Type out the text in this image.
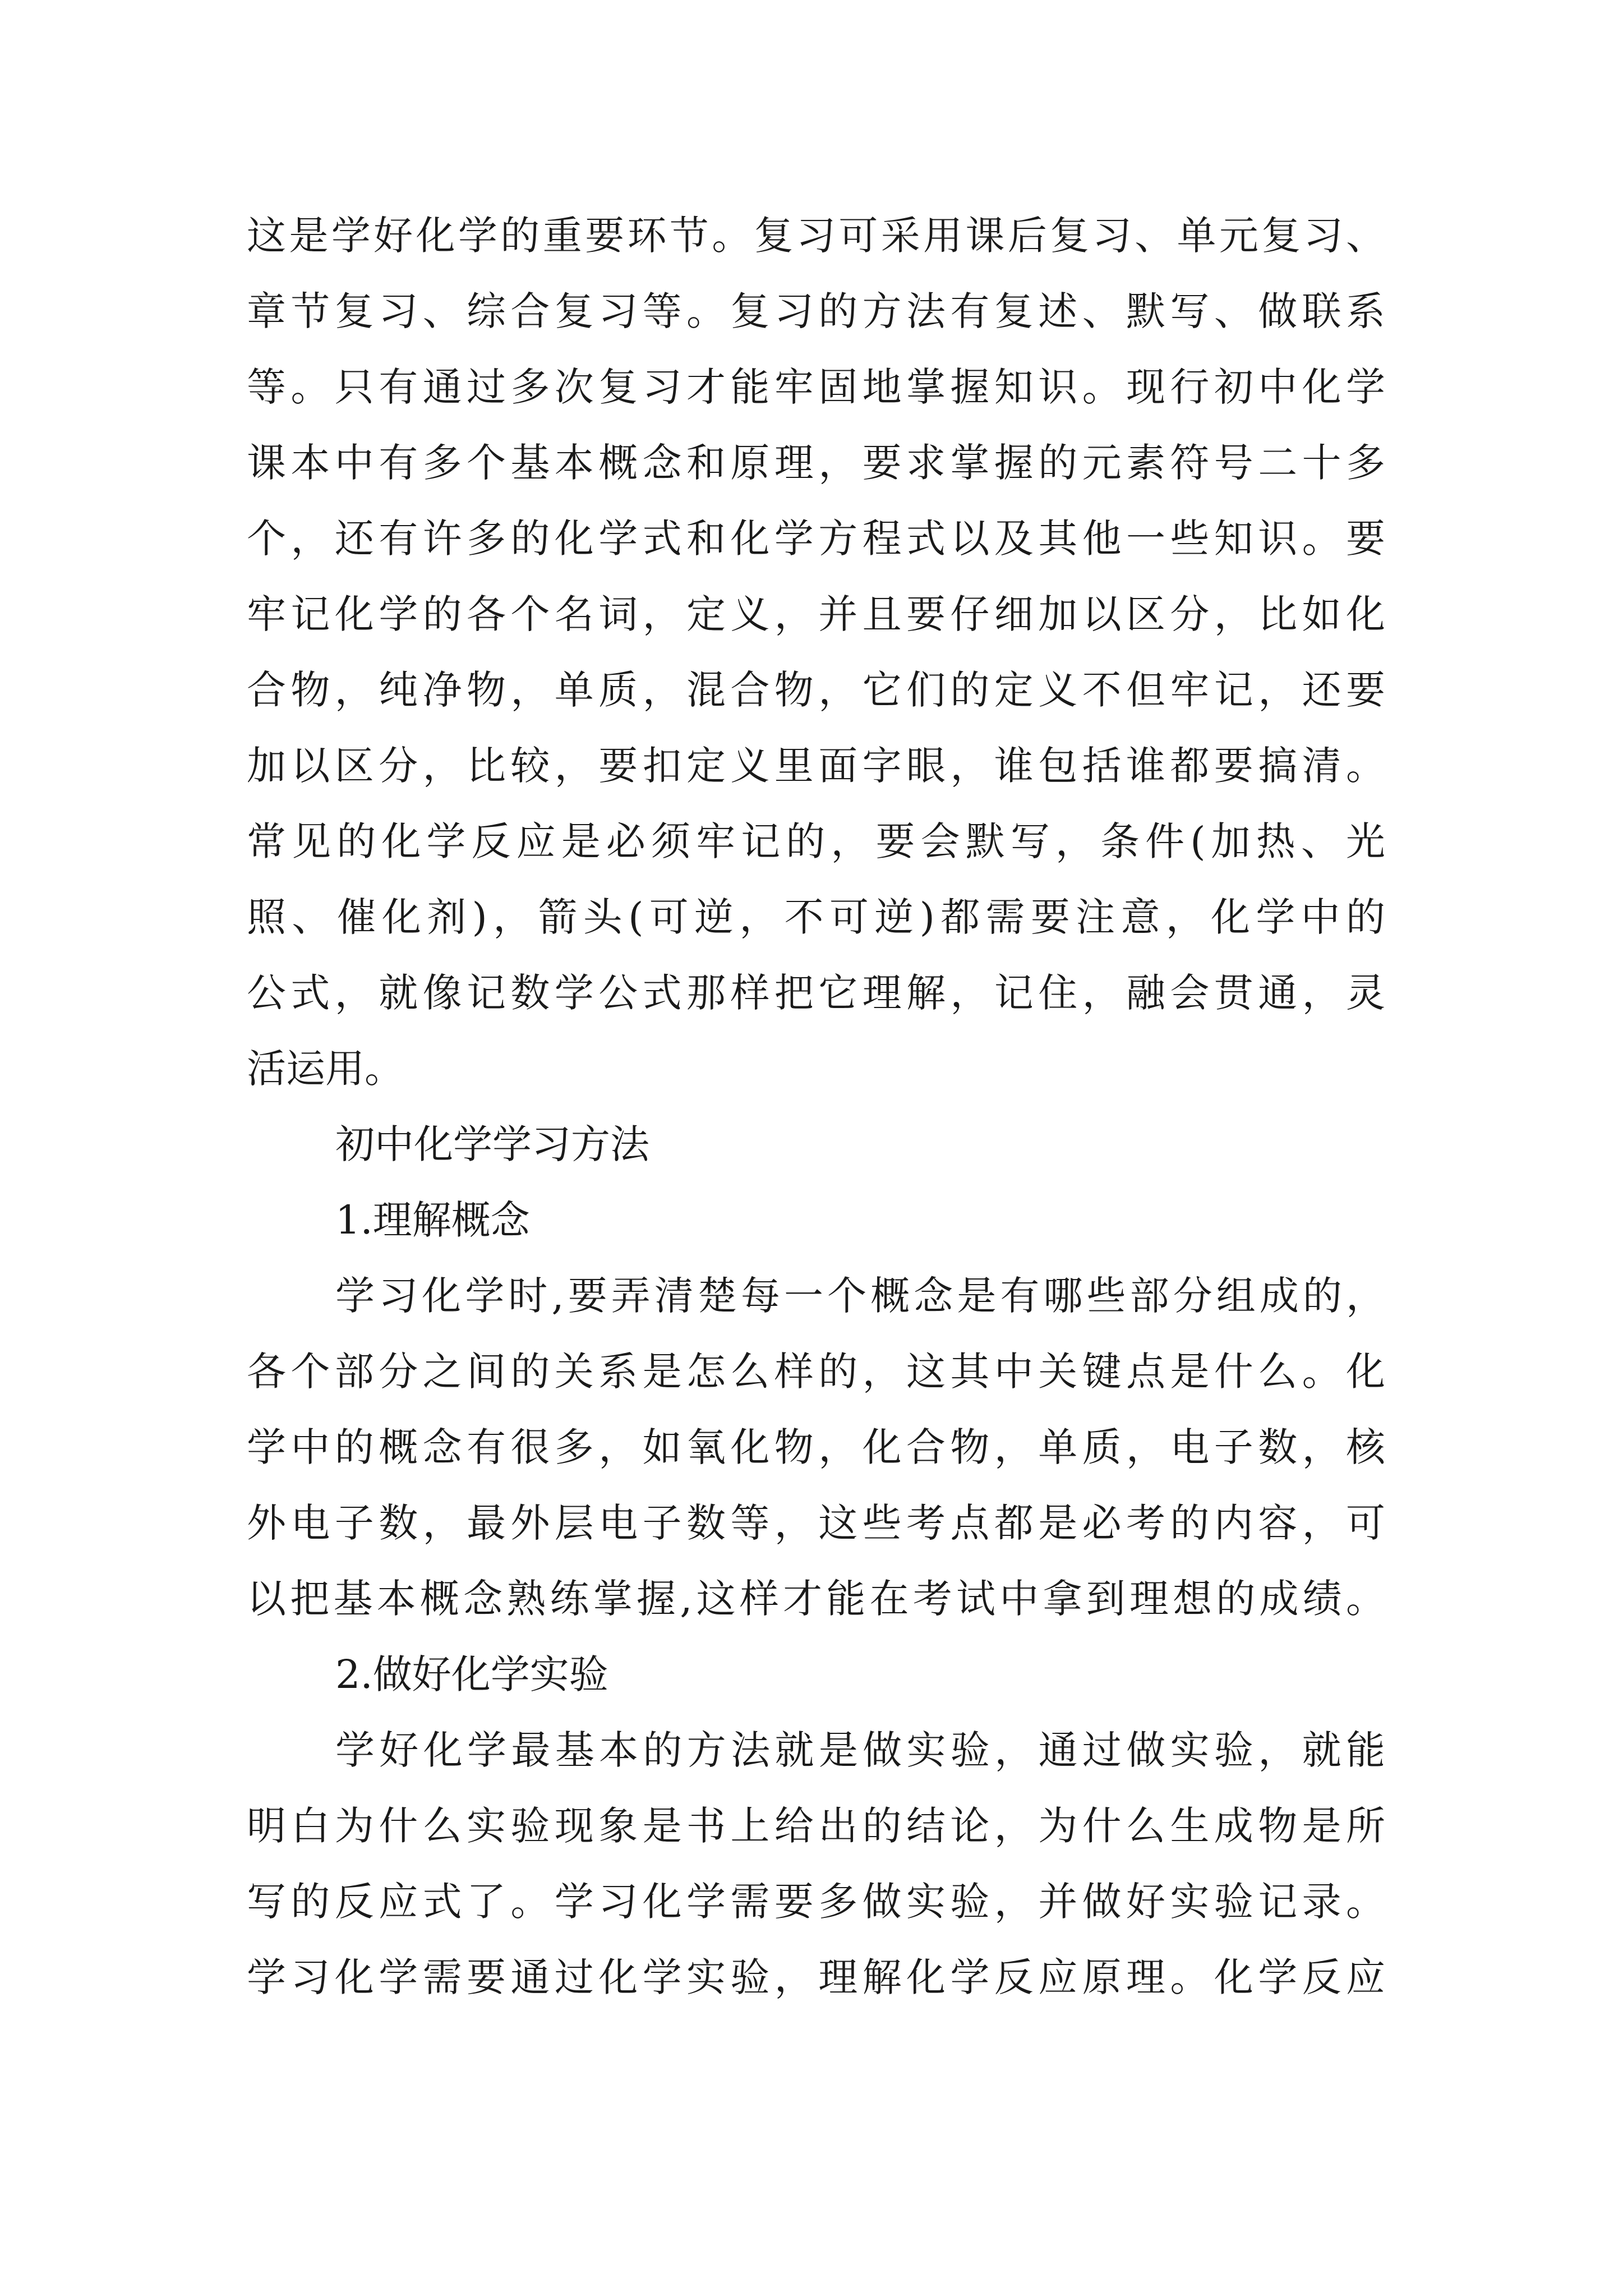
这是学好化学的重要环节。复习可采用课后复习、单元复习、
章节复习、综合复习等。复习的方法有复述、默写、做联系
等。只有通过多次复习才能牢固地掌握知识。现行初中化学
课本中有多个基本概念和原理，要求掌握的元素符号二十多
个，还有许多的化学式和化学方程式以及其他一些知识。要
牢记化学的各个名词，定义，并且要仔细加以区分，比如化
合物，纯净物，单质，混合物，它们的定义不但牢记，还要
加以区分，比较，要扣定义里面字眼，谁包括谁都要搞清。
常见的化学反应是必须牢记的，要会默写，条件(加热、光
照、催化剂)，箭头(可逆，不可逆)都需要注意，化学中的
公式，就像记数学公式那样把它理解，记住，融会贯通，灵
活运用。
初中化学学习方法
1.理解概念
学习化学时,要弄清楚每一个概念是有哪些部分组成的，
各个部分之间的关系是怎么样的，这其中关键点是什么。化
学中的概念有很多，如氧化物，化合物，单质，电子数，核
外电子数，最外层电子数等，这些考点都是必考的内容，可
以把基本概念熟练掌握,这样才能在考试中拿到理想的成绩。
2.做好化学实验
学好化学最基本的方法就是做实验，通过做实验，就能
明白为什么实验现象是书上给出的结论，为什么生成物是所
写的反应式了。学习化学需要多做实验，并做好实验记录。
学习化学需要通过化学实验，理解化学反应原理。化学反应
